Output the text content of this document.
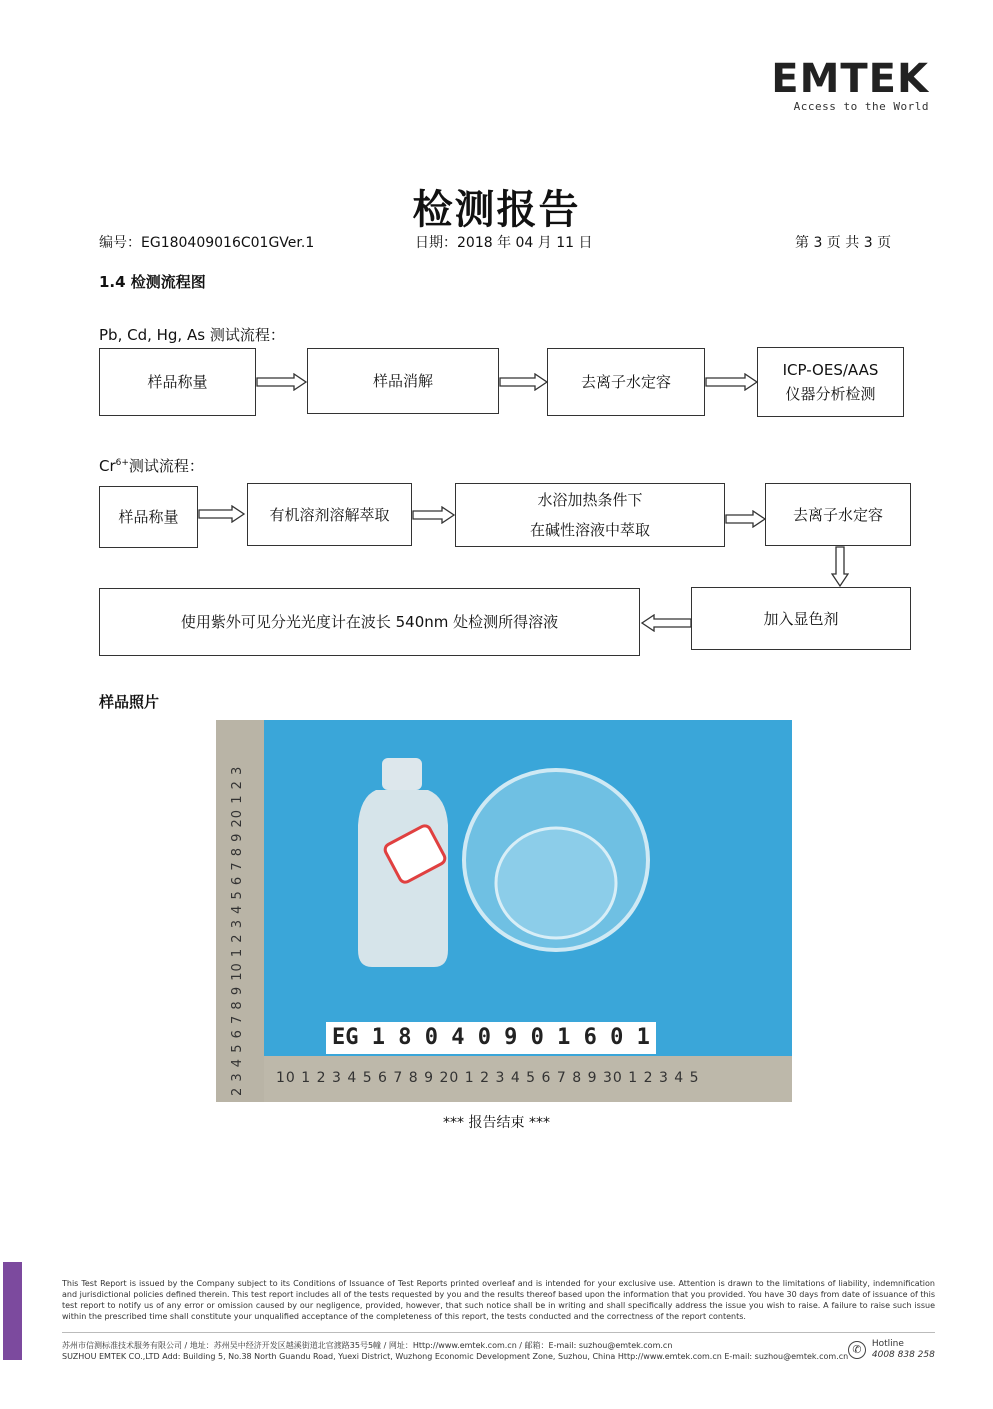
EMTEK
Access to the World
检测报告
编号：EG180409016C01GVer.1	日期：2018 年 04 月 11 日	第 3 页 共 3 页
1.4 检测流程图
Pb, Cd, Hg, As 测试流程：
样品称量	样品消解	去离子水定容
ICP-OES/AAS
仪器分析检测
$Cr^{6+}$测试流程：
样品称量	有机溶剂溶解萃取
水浴加热条件下
在碱性溶液中萃取
去离子水定容
加入显色剂
使用紫外可见分光光度计在波长 540nm 处检测所得溶液
样品照片
2 3 4 5 6 7 8 9 10 1 2 3 4 5 6 7 8 9 20 1 2 3 10 1 2 3 4 5 6 7 8 9 20 1 2 3 4 5 6 7 8 9 30 1 2 3 4 5
EG 1 8 0 4 0 9 0 1 6 0 1
*** 报告结束 ***
This Test Report is issued by the Company subject to its Conditions of Issuance of Test Reports printed overleaf and is intended for your exclusive use. Attention is drawn to the limitations of liability, indemnification and jurisdictional policies defined therein. This test report includes all of the tests requested by you and the results thereof based upon the information that you provided. You have 30 days from date of issuance of this test report to notify us of any error or omission caused by our negligence, provided, however, that such notice shall be in writing and shall specifically address the issue you wish to raise. A failure to raise such issue within the prescribed time shall constitute your unqualified acceptance of the completeness of this report, the tests conducted and the correctness of the report contents.
苏州市信测标准技术服务有限公司 / 地址：苏州吴中经济开发区越溪街道北官渡路35号5幢 / 网址：Http://www.emtek.com.cn / 邮箱：E-mail: suzhou@emtek.com.cn
SUZHOU EMTEK CO.,LTD Add: Building 5, No.38 North Guandu Road, Yuexi District, Wuzhong Economic Development Zone, Suzhou, China Http://www.emtek.com.cn E-mail: suzhou@emtek.com.cn
✆ Hotline
4008 838 258
